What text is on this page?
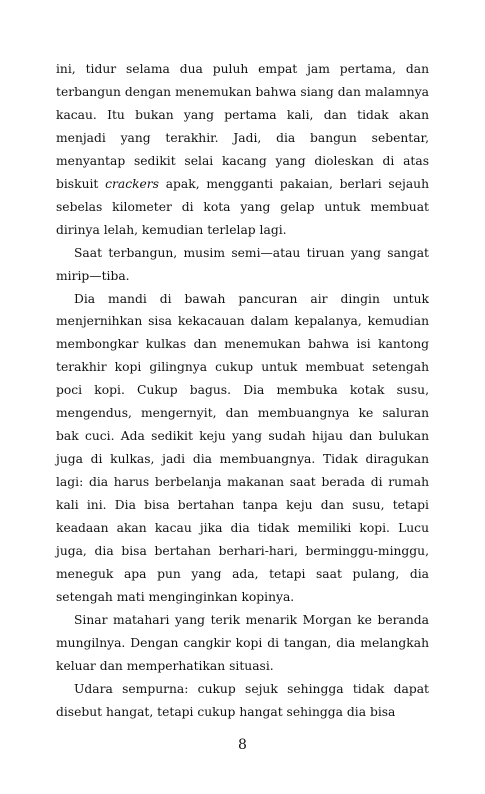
ini, tidur selama dua puluh empat jam pertama, dan terbangun dengan menemukan bahwa siang dan malamnya kacau. Itu bukan yang pertama kali, dan tidak akan menjadi yang terakhir. Jadi, dia bangun sebentar, menyantap sedikit selai kacang yang dioleskan di atas biskuit crackers apak, mengganti pakaian, berlari sejauh sebelas kilometer di kota yang gelap untuk membuat dirinya lelah, kemudian terlelap lagi.

Saat terbangun, musim semi—atau tiruan yang sangat mirip—tiba.

Dia mandi di bawah pancuran air dingin untuk menjernihkan sisa kekacauan dalam kepalanya, kemudian membongkar kulkas dan menemukan bahwa isi kantong terakhir kopi gilingnya cukup untuk membuat setengah poci kopi. Cukup bagus. Dia membuka kotak susu, mengendus, mengernyit, dan membuangnya ke saluran bak cuci. Ada sedikit keju yang sudah hijau dan bulukan juga di kulkas, jadi dia membuangnya. Tidak diragukan lagi: dia harus berbelanja makanan saat berada di rumah kali ini. Dia bisa bertahan tanpa keju dan susu, tetapi keadaan akan kacau jika dia tidak memiliki kopi. Lucu juga, dia bisa bertahan berhari-hari, berminggu-minggu, meneguk apa pun yang ada, tetapi saat pulang, dia setengah mati menginginkan kopinya.

Sinar matahari yang terik menarik Morgan ke beranda mungilnya. Dengan cangkir kopi di tangan, dia melangkah keluar dan memperhatikan situasi.

Udara sempurna: cukup sejuk sehingga tidak dapat disebut hangat, tetapi cukup hangat sehingga dia bisa

8
